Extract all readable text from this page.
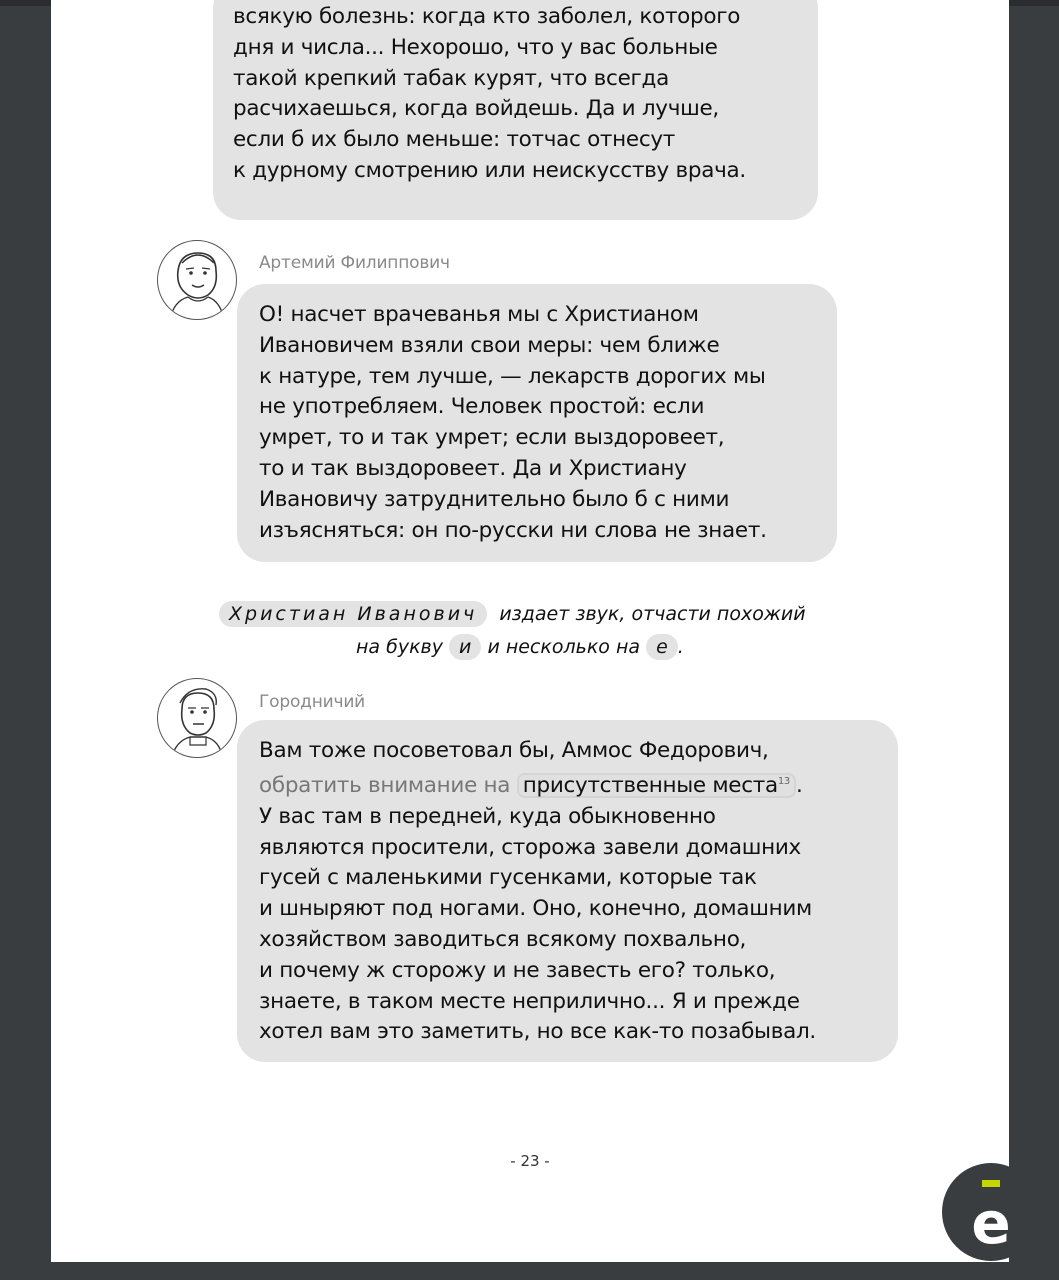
всякую болезнь: когда кто заболел, которого
дня и числа... Нехорошо, что у вас больные
такой крепкий табак курят, что всегда
расчихаешься, когда войдешь. Да и лучше,
если б их было меньше: тотчас отнесут
к дурному смотрению или неискусству врача.
Артемий Филиппович
О! насчет врачеванья мы с Христианом
Ивановичем взяли свои меры: чем ближе
к натуре, тем лучше, — лекарств дорогих мы
не употребляем. Человек простой: если
умрет, то и так умрет; если выздоровеет,
то и так выздоровеет. Да и Христиану
Ивановичу затруднительно было б с ними
изъясняться: он по-русски ни слова не знает.
Христиан Иванович издает звук, отчасти похожий
на букву и и несколько на е .
Городничий
Вам тоже посоветовал бы, Аммос Федорович,
обратить внимание на присутственные места$^{13}$ .
У вас там в передней, куда обыкновенно
являются просители, сторожа завели домашних
гусей с маленькими гусенками, которые так
и шныряют под ногами. Оно, конечно, домашним
хозяйством заводиться всякому похвально,
и почему ж сторожу и не завесть его? только,
знаете, в таком месте неприлично... Я и прежде
хотел вам это заметить, но все как-то позабывал.
- 23 -
e
